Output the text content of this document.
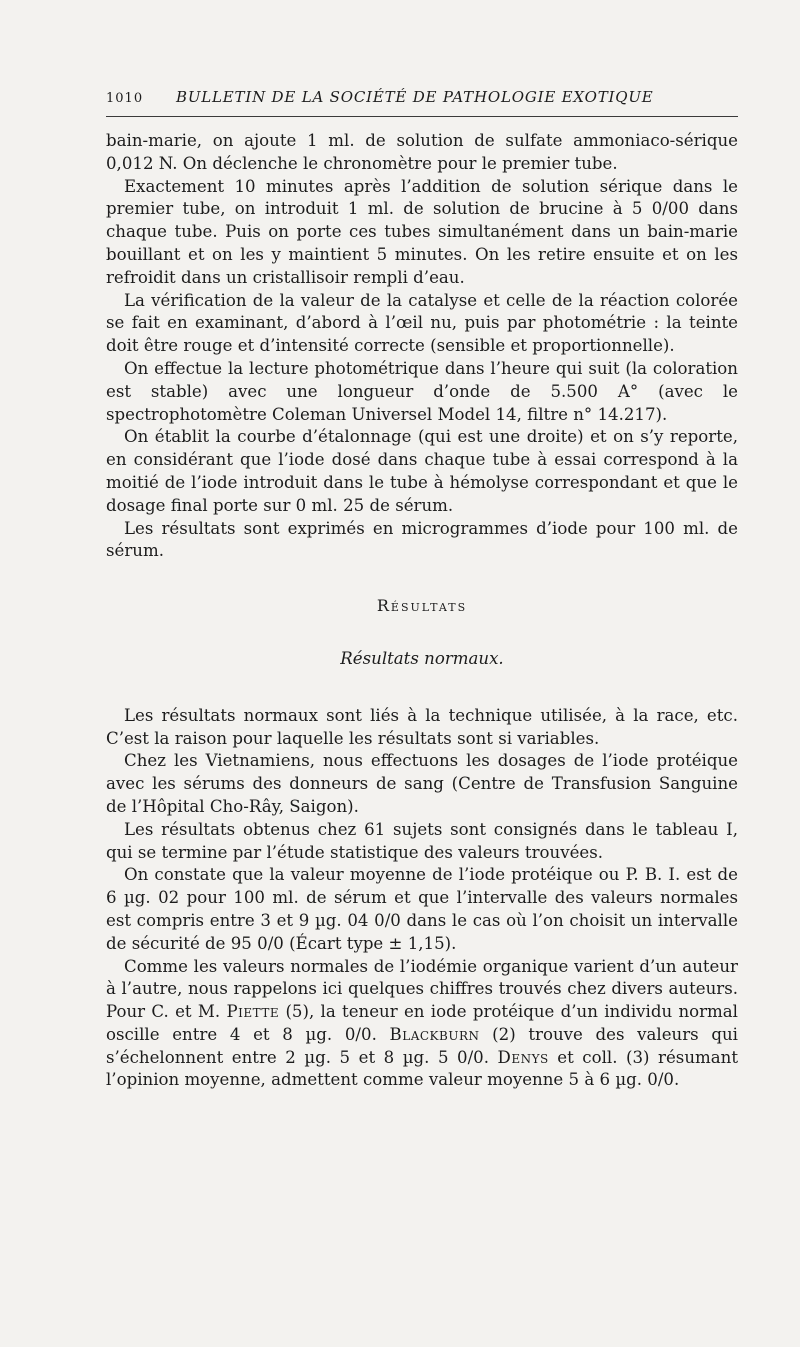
1010	BULLETIN DE LA SOCIÉTÉ DE PATHOLOGIE EXOTIQUE

bain-marie, on ajoute 1 ml. de solution de sulfate ammoniaco-sérique 0,012 N. On déclenche le chronomètre pour le premier tube.

Exactement 10 minutes après l’addition de solution sérique dans le premier tube, on introduit 1 ml. de solution de brucine à 5 0/00 dans chaque tube. Puis on porte ces tubes simultanément dans un bain-marie bouillant et on les y maintient 5 minutes. On les retire ensuite et on les refroidit dans un cristallisoir rempli d’eau.

La vérification de la valeur de la catalyse et celle de la réaction colorée se fait en examinant, d’abord à l’œil nu, puis par photométrie : la teinte doit être rouge et d’intensité correcte (sensible et proportionnelle).

On effectue la lecture photométrique dans l’heure qui suit (la coloration est stable) avec une longueur d’onde de 5.500 A° (avec le spectrophotomètre Coleman Universel Model 14, filtre n° 14.217).

On établit la courbe d’étalonnage (qui est une droite) et on s’y reporte, en considérant que l’iode dosé dans chaque tube à essai correspond à la moitié de l’iode introduit dans le tube à hémolyse correspondant et que le dosage final porte sur 0 ml. 25 de sérum.

Les résultats sont exprimés en microgrammes d’iode pour 100 ml. de sérum.

Résultats
Résultats normaux.

Les résultats normaux sont liés à la technique utilisée, à la race, etc. C’est la raison pour laquelle les résultats sont si variables.

Chez les Vietnamiens, nous effectuons les dosages de l’iode protéique avec les sérums des donneurs de sang (Centre de Transfusion Sanguine de l’Hôpital Cho-Rây, Saigon).

Les résultats obtenus chez 61 sujets sont consignés dans le tableau I, qui se termine par l’étude statistique des valeurs trouvées.

On constate que la valeur moyenne de l’iode protéique ou P. B. I. est de 6 µg. 02 pour 100 ml. de sérum et que l’intervalle des valeurs normales est compris entre 3 et 9 µg. 04 0/0 dans le cas où l’on choisit un intervalle de sécurité de 95 0/0 (Écart type ± 1,15).

Comme les valeurs normales de l’iodémie organique varient d’un auteur à l’autre, nous rappelons ici quelques chiffres trouvés chez divers auteurs. Pour C. et M. Piette (5), la teneur en iode protéique d’un individu normal oscille entre 4 et 8 µg. 0/0. Blackburn (2) trouve des valeurs qui s’échelonnent entre 2 µg. 5 et 8 µg. 5 0/0. Denys et coll. (3) résumant l’opinion moyenne, admettent comme valeur moyenne 5 à 6 µg. 0/0.
